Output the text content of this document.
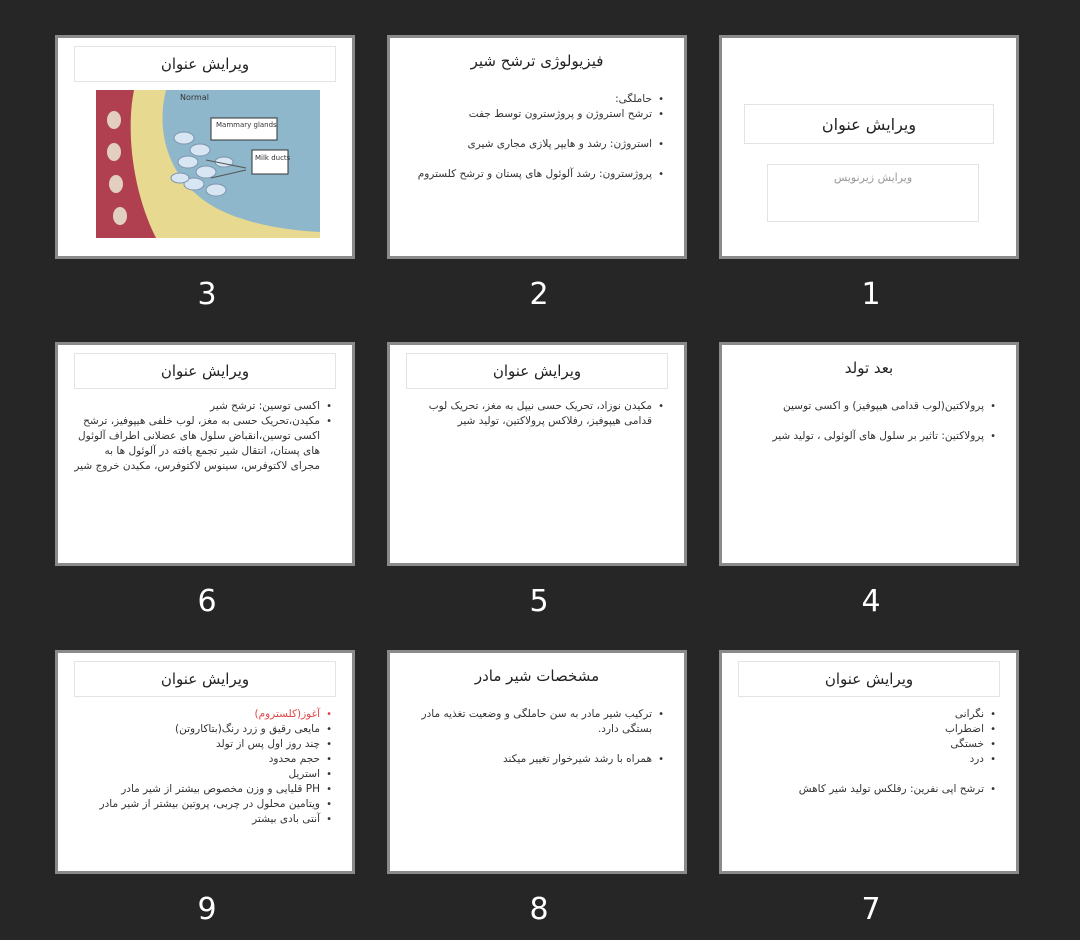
ویرایش عنوان
Normal
Mammary glands
Milk ducts
3
فیزیولوژی ترشح شیر
• حاملگی:
• ترشح استروژن و پروژسترون توسط جفت
• استروژن: رشد و هایپر پلازی مجاری شیری
• پروژسترون: رشد آلوئول های پستان و ترشح کلستروم
2
ویرایش عنوان
ویرایش زیرنویس
1
ویرایش عنوان
• اکسی توسین: ترشح شیر
• مکیدن،تحریک حسی به مغز، لوب خلفی هیپوفیز، ترشح اکسی توسین،انقباض سلول های عضلانی اطراف آلوئول های پستان، انتقال شیر تجمع یافته در آلوئول ها به مجرای لاکتوفرس، سینوس لاکتوفرس، مکیدن خروج شیر
6
ویرایش عنوان
• مکیدن نوزاد، تحریک حسی نیپل به مغز، تحریک لوب قدامی هیپوفیز، رفلاکس پرولاکتین، تولید شیر
5
بعد تولد
• پرولاکتین(لوب قدامی هیپوفیز) و اکسی توسین
• پرولاکتین: تاثیر بر سلول های آلوئولی ، تولید شیر
4
ویرایش عنوان
• آغوز(کلستروم)
• مایعی رقیق و زرد رنگ(بتاکاروتن)
• چند روز اول پس از تولد
• حجم محدود
• استریل
• PH قلیایی و وزن مخصوص بیشتر از شیر مادر
• ویتامین محلول در چربی، پروتین بیشتر از شیر مادر
• آنتی بادی بیشتر
9
مشخصات شیر مادر
• ترکیب شیر مادر به سن حاملگی و وضعیت تغذیه مادر بستگی دارد.
• همراه با رشد شیرخوار تغییر میکند
8
ویرایش عنوان
• نگرانی
• اضطراب
• خستگی
• درد
• ترشح اپی نفرین: رفلکس تولید شیر کاهش
7
